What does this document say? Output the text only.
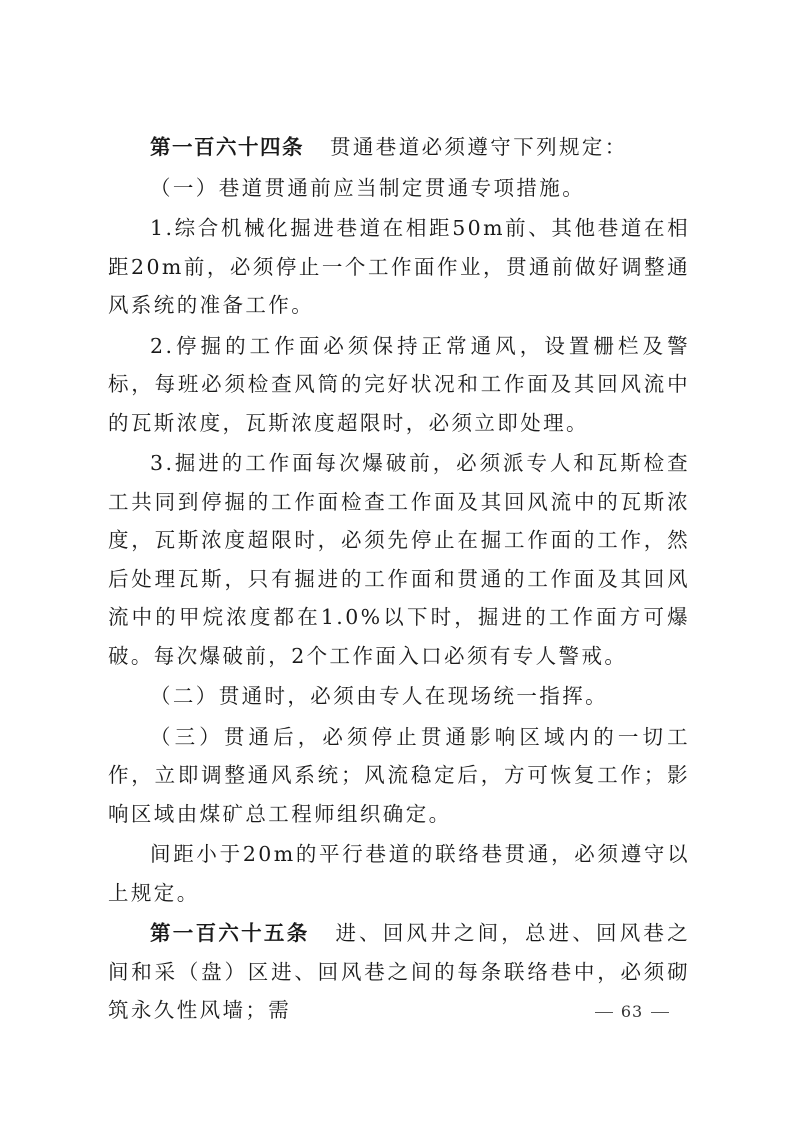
第一百六十四条 贯通巷道必须遵守下列规定：

（一）巷道贯通前应当制定贯通专项措施。

1.综合机械化掘进巷道在相距50m前、其他巷道在相距20m前，必须停止一个工作面作业，贯通前做好调整通风系统的准备工作。

2.停掘的工作面必须保持正常通风，设置栅栏及警标，每班必须检查风筒的完好状况和工作面及其回风流中的瓦斯浓度，瓦斯浓度超限时，必须立即处理。

3.掘进的工作面每次爆破前，必须派专人和瓦斯检查工共同到停掘的工作面检查工作面及其回风流中的瓦斯浓度，瓦斯浓度超限时，必须先停止在掘工作面的工作，然后处理瓦斯，只有掘进的工作面和贯通的工作面及其回风流中的甲烷浓度都在1.0%以下时，掘进的工作面方可爆破。每次爆破前，2个工作面入口必须有专人警戒。

（二）贯通时，必须由专人在现场统一指挥。

（三）贯通后，必须停止贯通影响区域内的一切工作，立即调整通风系统；风流稳定后，方可恢复工作；影响区域由煤矿总工程师组织确定。

间距小于20m的平行巷道的联络巷贯通，必须遵守以上规定。

第一百六十五条 进、回风井之间，总进、回风巷之间和采（盘）区进、回风巷之间的每条联络巷中，必须砌筑永久性风墙；需	63
